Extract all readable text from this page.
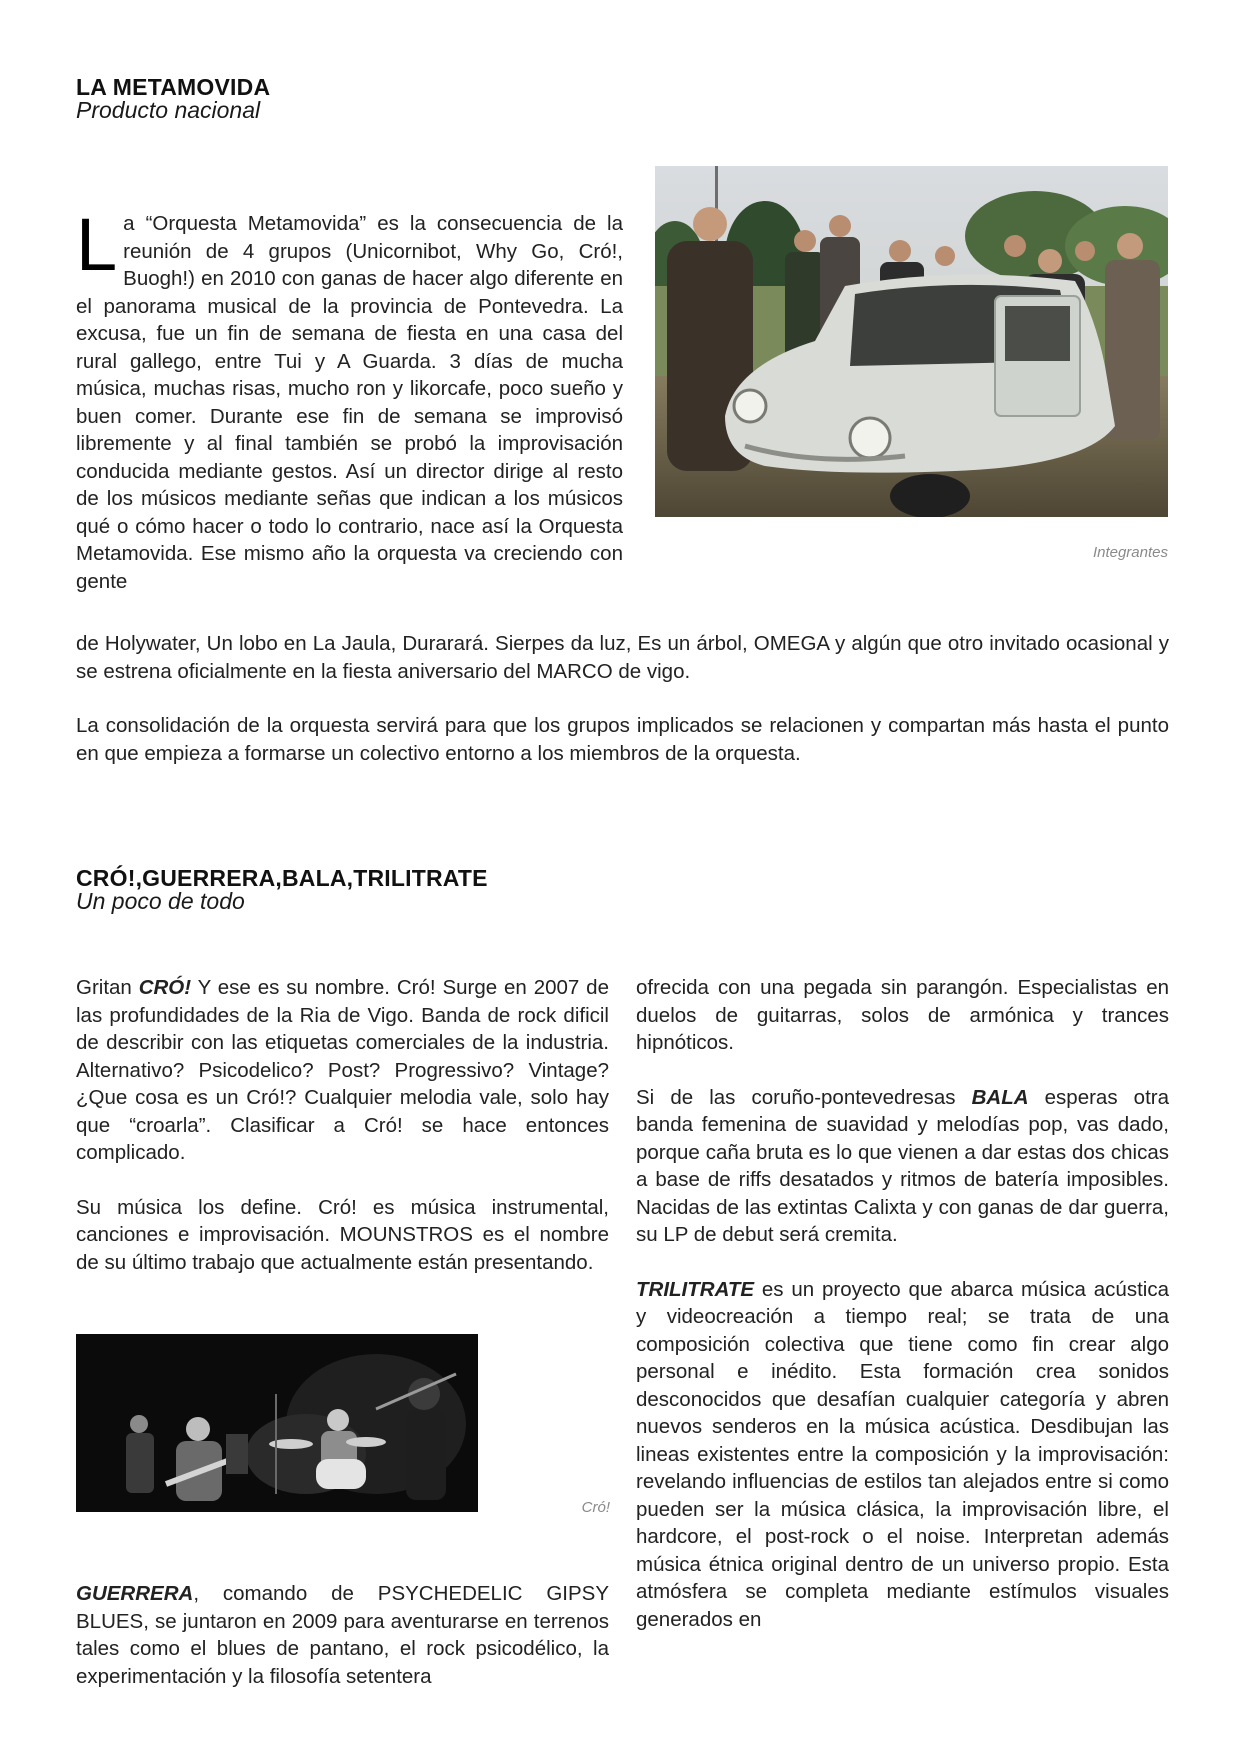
LA METAMOVIDA
Producto nacional
Integrantes
La “Orquesta Metamovida” es la consecuencia de la reunión de 4 grupos (Unicornibot, Why Go, Cró!, Buogh!) en 2010 con ganas de hacer algo diferente en el panorama musical de la provincia de Pontevedra. La excusa, fue un fin de semana de fiesta en una casa del rural gallego, entre Tui y A Guarda. 3 días de mucha música, muchas risas, mucho ron y likorcafe, poco sueño y buen comer. Durante ese fin de semana se improvisó libremente y al final también se probó la improvisación conducida mediante gestos. Así un director dirige al resto de los músicos mediante señas que indican a los músicos qué o cómo hacer o todo lo contrario, nace así la Orquesta Metamovida. Ese mismo año la orquesta va creciendo con gente

de Holywater, Un lobo en La Jaula, Durarará. Sierpes da luz, Es un árbol, OMEGA y algún que otro invitado ocasional y se estrena oficialmente en la fiesta aniversario del MARCO de vigo.

La consolidación de la orquesta servirá para que los grupos implicados se relacionen y compartan más hasta el punto en que empieza a formarse un colectivo entorno a los miembros de la orquesta.

CRÓ!,GUERRERA,BALA,TRILITRATE
Un poco de todo

Gritan CRÓ! Y ese es su nombre. Cró! Surge en 2007 de las profundidades de la Ria de Vigo. Banda de rock dificil de describir con las etiquetas comerciales de la industria. Alternativo? Psicodelico? Post? Progressivo? Vintage? ¿Que cosa es un Cró!? Cualquier melodia vale, solo hay que “croarla”. Clasificar a Cró! se hace entonces complicado.

Su música los define. Cró! es música instrumental, canciones e improvisación. MOUNSTROS es el nombre de su último trabajo que actualmente están presentando.

Cró!

GUERRERA, comando de PSYCHEDELIC GIPSY BLUES, se juntaron en 2009 para aventurarse en terrenos tales como el blues de pantano, el rock psicodélico, la experimentación y la filosofía setentera

ofrecida con una pegada sin parangón. Especialistas en duelos de guitarras, solos de armónica y trances hipnóticos.

Si de las coruño-pontevedresas BALA esperas otra banda femenina de suavidad y melodías pop, vas dado, porque caña bruta es lo que vienen a dar estas dos chicas a base de riffs desatados y ritmos de batería imposibles. Nacidas de las extintas Calixta y con ganas de dar guerra, su LP de debut será cremita.

TRILITRATE es un proyecto que abarca música acústica y videocreación a tiempo real; se trata de una composición colectiva que tiene como fin crear algo personal e inédito. Esta formación crea sonidos desconocidos que desafían cualquier categoría y abren nuevos senderos en la música acústica. Desdibujan las lineas existentes entre la composición y la improvisación: revelando influencias de estilos tan alejados entre si como pueden ser la música clásica, la improvisación libre, el hardcore, el post-rock o el noise. Interpretan además música étnica original dentro de un universo propio. Esta atmósfera se completa mediante estímulos visuales generados en
